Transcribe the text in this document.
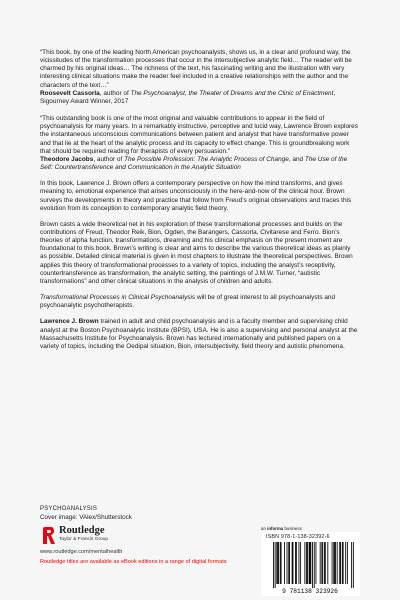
“This book, by one of the leading North American psychoanalysts, shows us, in a clear and profound way, the vicissitudes of the transformation processes that occur in the intersubjective analytic field… The reader will be charmed by his original ideas… The richness of the text, his fascinating writing and the illustration with very interesting clinical situations make the reader feel included in a creative relationships with the author and the characters of the text…”

Roosevelt Cassorla, author of The Psychoanalyst, the Theater of Dreams and the Clinic of Enactment, Sigourney Award Winner, 2017

“This outstanding book is one of the most original and valuable contributions to appear in the field of psychoanalysis for many years. In a remarkably instructive, perceptive and lucid way, Lawrence Brown explores the instantaneous unconscious communications between patient and analyst that have transformative power and that lie at the heart of the analytic process and its capacity to effect change. This is groundbreaking work that should be required reading for therapists of every persuasion.”

Theodore Jacobs, author of The Possible Profession: The Analytic Process of Change, and The Use of the Self: Countertransference and Communication in the Analytic Situation

In this book, Lawrence J. Brown offers a contemporary perspective on how the mind transforms, and gives meaning to, emotional experience that arises unconsciously in the here-and-now of the clinical hour. Brown surveys the developments in theory and practice that follow from Freud’s original observations and traces this evolution from its conception to contemporary analytic field theory.

Brown casts a wide theoretical net in his exploration of these transformational processes and builds on the contributions of Freud, Theodor Reik, Bion, Ogden, the Barangers, Cassorla, Civitarese and Ferro. Bion’s theories of alpha function, transformations, dreaming and his clinical emphasis on the present moment are foundational to this book. Brown’s writing is clear and aims to describe the various theoretical ideas as plainly as possible. Detailed clinical material is given in most chapters to illustrate the theoretical perspectives. Brown applies this theory of transformational processes to a variety of topics, including the analyst’s receptivity, countertransference as transformation, the analytic setting, the paintings of J.M.W. Turner, “autistic transformations” and other clinical situations in the analysis of children and adults.

Transformational Processes in Clinical Psychoanalysis will be of great interest to all psychoanalysts and psychoanalytic psychotherapists.

Lawrence J. Brown trained in adult and child psychoanalysis and is a faculty member and supervising child analyst at the Boston Psychoanalytic Institute (BPSI), USA. He is also a supervising and personal analyst at the Massachusetts Institute for Psychoanalysis. Brown has lectured internationally and published papers on a variety of topics, including the Oedipal situation, Bion, intersubjectivity, field theory and autistic phenomena.

PSYCHOANALYSIS
Cover image: VAlex/Shutterstock
Routledge
Taylor & Francis Group
www.routledge.com/mentalhealth
Routledge titles are available as eBook editions in a range of digital formats
an informa business
ISBN 978-1-138-32392-6
9 781138 323926
